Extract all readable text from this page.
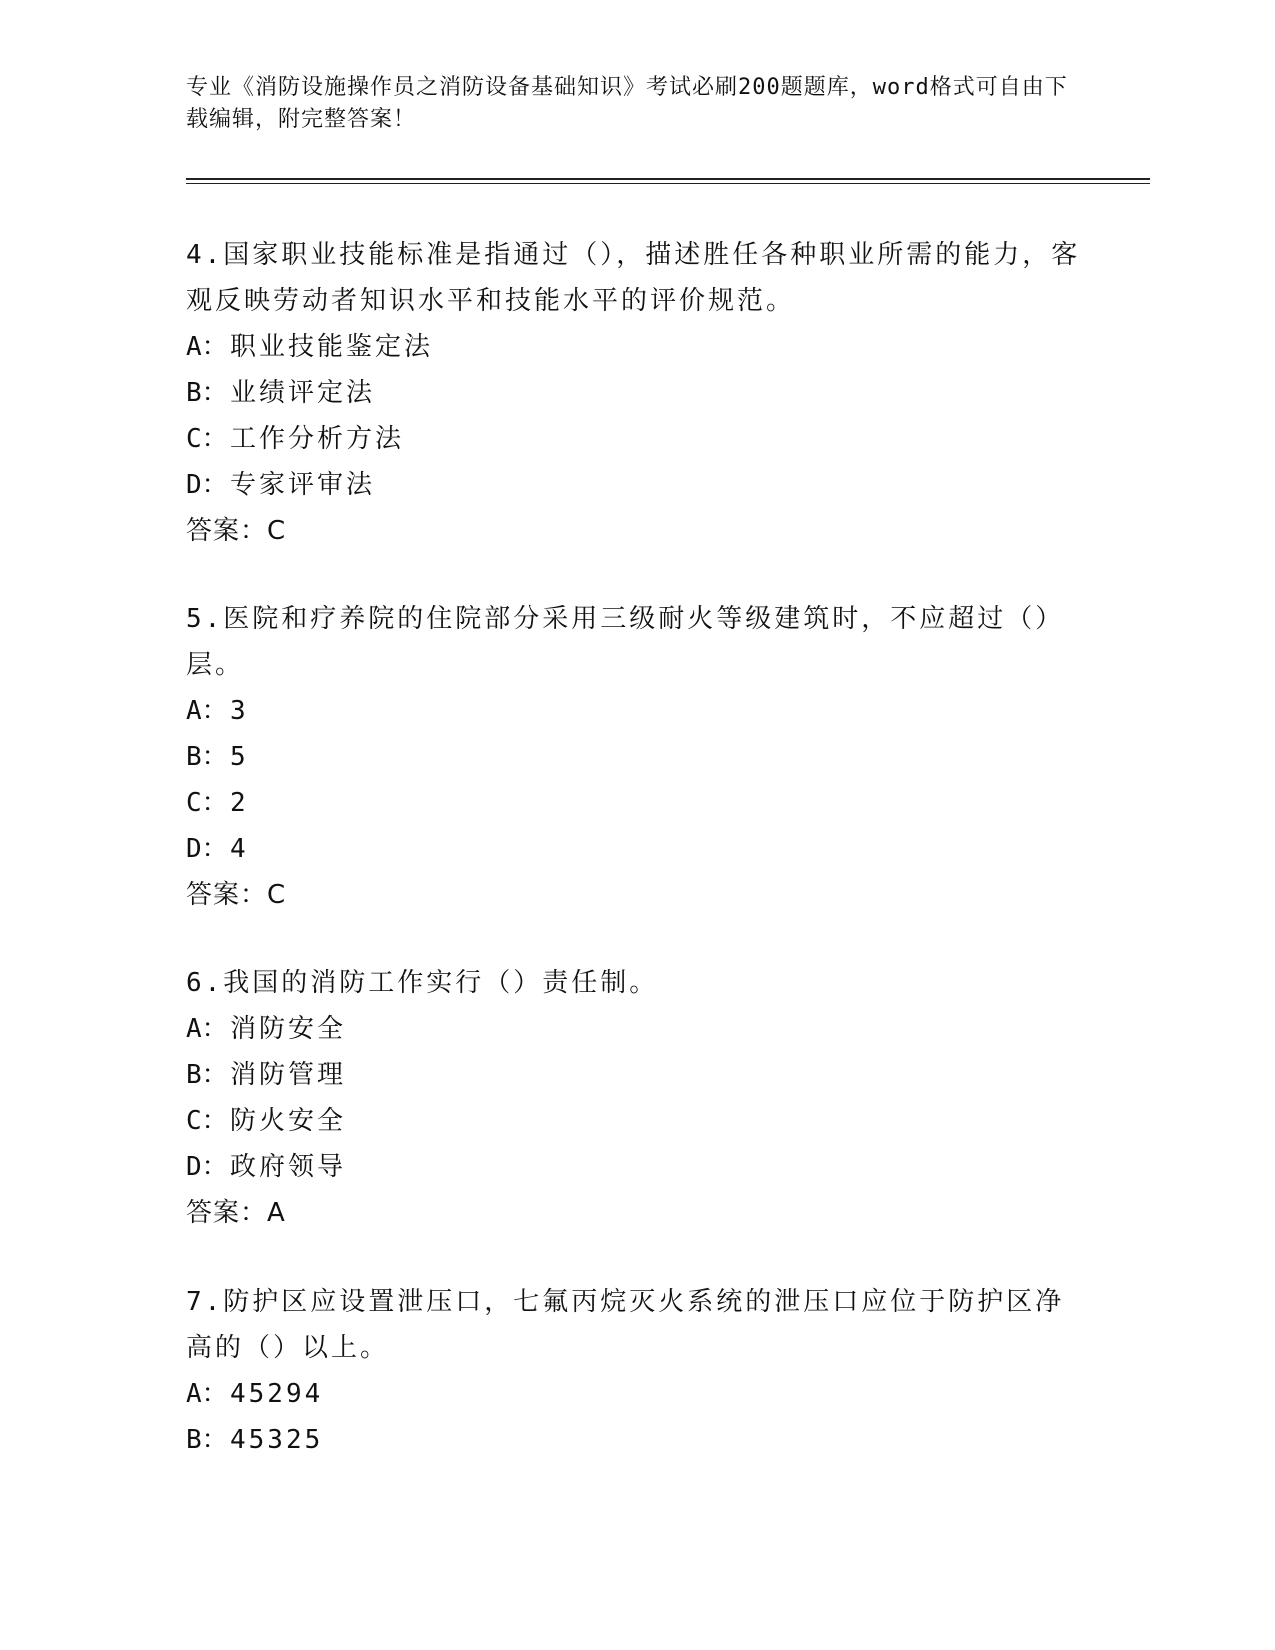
专业《消防设施操作员之消防设备基础知识》考试必刷200题题库，word格式可自由下载编辑，附完整答案！
4.国家职业技能标准是指通过（），描述胜任各种职业所需的能力，客观反映劳动者知识水平和技能水平的评价规范。
A：职业技能鉴定法
B：业绩评定法
C：工作分析方法
D：专家评审法
答案：C
5.医院和疗养院的住院部分采用三级耐火等级建筑时，不应超过（）层。
A：3
B：5
C：2
D：4
答案：C
6.我国的消防工作实行（）责任制。
A：消防安全
B：消防管理
C：防火安全
D：政府领导
答案：A
7.防护区应设置泄压口，七氟丙烷灭火系统的泄压口应位于防护区净高的（）以上。
A：45294
B：45325
